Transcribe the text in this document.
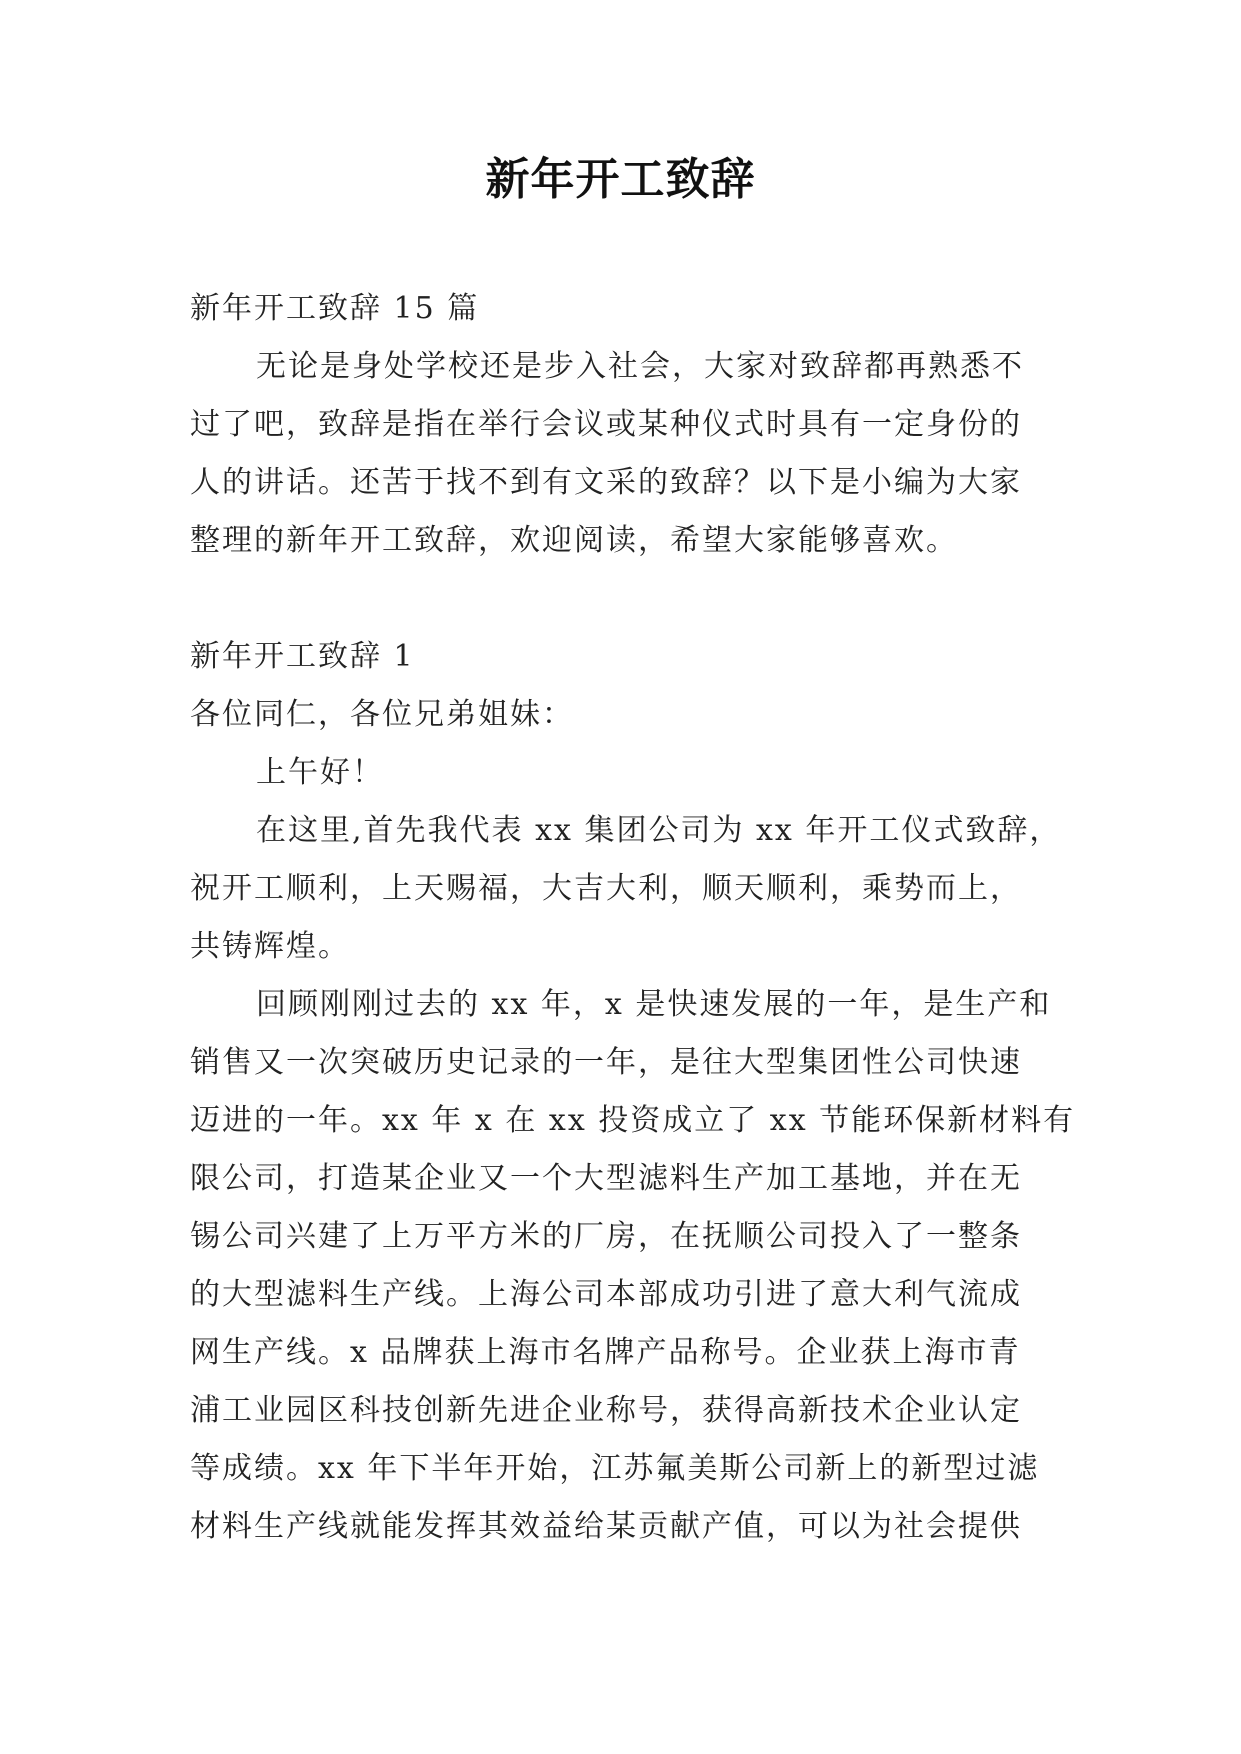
新年开工致辞
新年开工致辞 15 篇
无论是身处学校还是步入社会，大家对致辞都再熟悉不
过了吧，致辞是指在举行会议或某种仪式时具有一定身份的
人的讲话。还苦于找不到有文采的致辞？以下是小编为大家
整理的新年开工致辞，欢迎阅读，希望大家能够喜欢。
新年开工致辞 1
各位同仁，各位兄弟姐妹：
上午好！
在这里,首先我代表 xx 集团公司为 xx 年开工仪式致辞，
祝开工顺利，上天赐福，大吉大利，顺天顺利，乘势而上，
共铸辉煌。
回顾刚刚过去的 xx 年，x 是快速发展的一年，是生产和
销售又一次突破历史记录的一年，是往大型集团性公司快速
迈进的一年。xx 年 x 在 xx 投资成立了 xx 节能环保新材料有
限公司，打造某企业又一个大型滤料生产加工基地，并在无
锡公司兴建了上万平方米的厂房，在抚顺公司投入了一整条
的大型滤料生产线。上海公司本部成功引进了意大利气流成
网生产线。x 品牌获上海市名牌产品称号。企业获上海市青
浦工业园区科技创新先进企业称号，获得高新技术企业认定
等成绩。xx 年下半年开始，江苏氟美斯公司新上的新型过滤
材料生产线就能发挥其效益给某贡献产值，可以为社会提供
